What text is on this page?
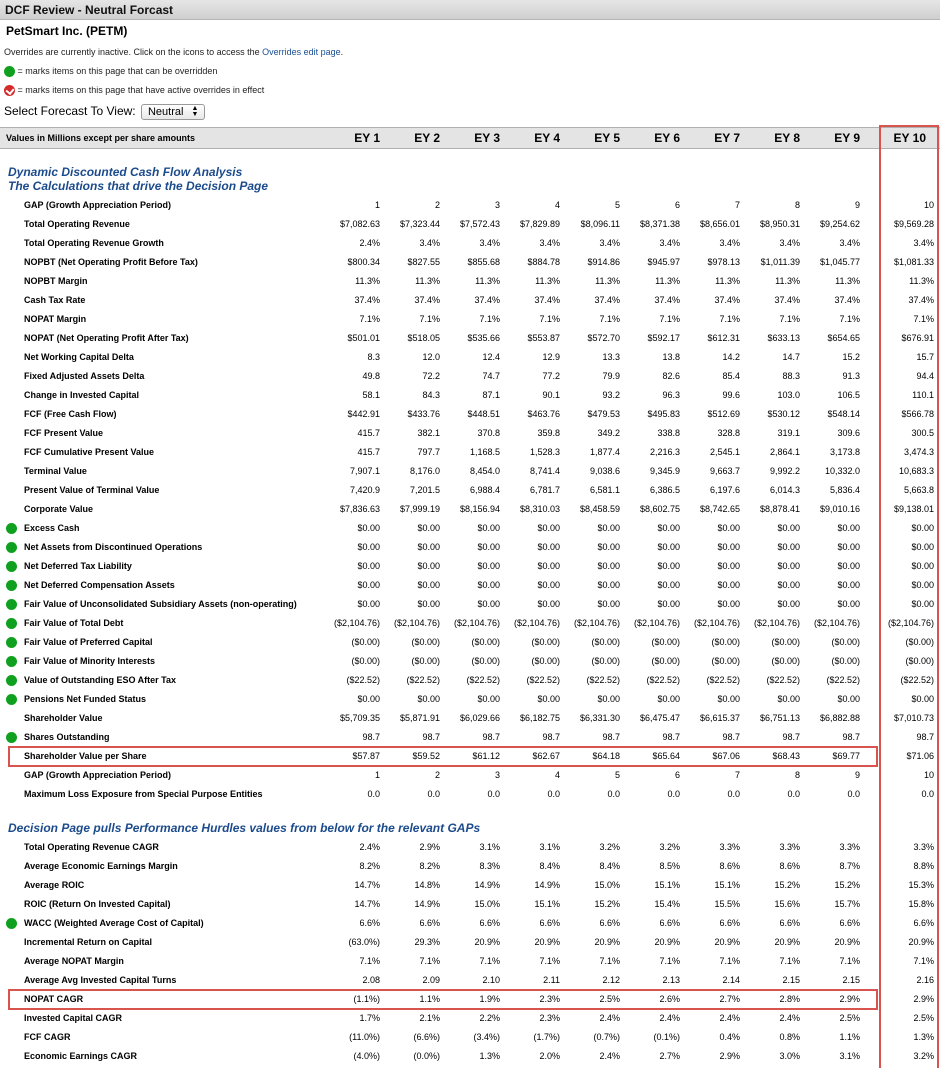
DCF Review - Neutral Forcast
PetSmart Inc. (PETM)
Overrides are currently inactive. Click on the icons to access the Overrides edit page.
= marks items on this page that can be overridden
= marks items on this page that have active overrides in effect
Select Forecast To View: Neutral ▲
▼
Values in Millions except per share amounts	EY 1	EY 2	EY 3	EY 4	EY 5	EY 6	EY 7	EY 8	EY 9	EY 10
Dynamic Discounted Cash Flow Analysis
The Calculations that drive the Decision Page
GAP (Growth Appreciation Period)	1	2	3	4	5	6	7	8	9	10
Total Operating Revenue	$7,082.63 $7,323.44 $7,572.43 $7,829.89 $8,096.11 $8,371.38 $8,656.01 $8,950.31 $9,254.62	$9,569.28
Total Operating Revenue Growth	2.4%	3.4%	3.4%	3.4%	3.4%	3.4%	3.4%	3.4%	3.4%	3.4%
NOPBT (Net Operating Profit Before Tax)	$800.34	$827.55	$855.68	$884.78	$914.86	$945.97	$978.13 $1,011.39 $1,045.77	$1,081.33
NOPBT Margin	11.3%	11.3%	11.3%	11.3%	11.3%	11.3%	11.3%	11.3%	11.3%	11.3%
Cash Tax Rate	37.4%	37.4%	37.4%	37.4%	37.4%	37.4%	37.4%	37.4%	37.4%	37.4%
NOPAT Margin	7.1%	7.1%	7.1%	7.1%	7.1%	7.1%	7.1%	7.1%	7.1%	7.1%
NOPAT (Net Operating Profit After Tax)	$501.01	$518.05	$535.66	$553.87	$572.70	$592.17	$612.31	$633.13	$654.65	$676.91
Net Working Capital Delta	8.3	12.0	12.4	12.9	13.3	13.8	14.2	14.7	15.2	15.7
Fixed Adjusted Assets Delta	49.8	72.2	74.7	77.2	79.9	82.6	85.4	88.3	91.3	94.4
Change in Invested Capital	58.1	84.3	87.1	90.1	93.2	96.3	99.6	103.0	106.5	110.1
FCF (Free Cash Flow)	$442.91	$433.76	$448.51	$463.76	$479.53	$495.83	$512.69	$530.12	$548.14	$566.78
FCF Present Value	415.7	382.1	370.8	359.8	349.2	338.8	328.8	319.1	309.6	300.5
FCF Cumulative Present Value	415.7	797.7	1,168.5	1,528.3	1,877.4	2,216.3	2,545.1	2,864.1	3,173.8	3,474.3
Terminal Value	7,907.1	8,176.0	8,454.0	8,741.4	9,038.6	9,345.9	9,663.7	9,992.2	10,332.0	10,683.3
Present Value of Terminal Value	7,420.9	7,201.5	6,988.4	6,781.7	6,581.1	6,386.5	6,197.6	6,014.3	5,836.4	5,663.8
Corporate Value	$7,836.63 $7,999.19 $8,156.94 $8,310.03 $8,458.59 $8,602.75 $8,742.65 $8,878.41 $9,010.16	$9,138.01
Excess Cash	$0.00	$0.00	$0.00	$0.00	$0.00	$0.00	$0.00	$0.00	$0.00	$0.00
Net Assets from Discontinued Operations	$0.00	$0.00	$0.00	$0.00	$0.00	$0.00	$0.00	$0.00	$0.00	$0.00
Net Deferred Tax Liability	$0.00	$0.00	$0.00	$0.00	$0.00	$0.00	$0.00	$0.00	$0.00	$0.00
Net Deferred Compensation Assets	$0.00	$0.00	$0.00	$0.00	$0.00	$0.00	$0.00	$0.00	$0.00	$0.00
Fair Value of Unconsolidated Subsidiary Assets (non-operating)	$0.00	$0.00	$0.00	$0.00	$0.00	$0.00	$0.00	$0.00	$0.00	$0.00
Fair Value of Total Debt	($2,104.76) ($2,104.76) ($2,104.76) ($2,104.76) ($2,104.76) ($2,104.76) ($2,104.76) ($2,104.76) ($2,104.76)	($2,104.76)
Fair Value of Preferred Capital	($0.00)	($0.00)	($0.00)	($0.00)	($0.00)	($0.00)	($0.00)	($0.00)	($0.00)	($0.00)
Fair Value of Minority Interests	($0.00)	($0.00)	($0.00)	($0.00)	($0.00)	($0.00)	($0.00)	($0.00)	($0.00)	($0.00)
Value of Outstanding ESO After Tax	($22.52)	($22.52)	($22.52)	($22.52)	($22.52)	($22.52)	($22.52)	($22.52)	($22.52)	($22.52)
Pensions Net Funded Status	$0.00	$0.00	$0.00	$0.00	$0.00	$0.00	$0.00	$0.00	$0.00	$0.00
Shareholder Value	$5,709.35 $5,871.91 $6,029.66 $6,182.75 $6,331.30 $6,475.47 $6,615.37 $6,751.13 $6,882.88	$7,010.73
Shares Outstanding	98.7	98.7	98.7	98.7	98.7	98.7	98.7	98.7	98.7	98.7
Shareholder Value per Share	$57.87	$59.52	$61.12	$62.67	$64.18	$65.64	$67.06	$68.43	$69.77	$71.06
GAP (Growth Appreciation Period)	1	2	3	4	5	6	7	8	9	10
Maximum Loss Exposure from Special Purpose Entities	0.0	0.0	0.0	0.0	0.0	0.0	0.0	0.0	0.0	0.0
Decision Page pulls Performance Hurdles values from below for the relevant GAPs
Total Operating Revenue CAGR	2.4%	2.9%	3.1%	3.1%	3.2%	3.2%	3.3%	3.3%	3.3%	3.3%
Average Economic Earnings Margin	8.2%	8.2%	8.3%	8.4%	8.4%	8.5%	8.6%	8.6%	8.7%	8.8%
Average ROIC	14.7%	14.8%	14.9%	14.9%	15.0%	15.1%	15.1%	15.2%	15.2%	15.3%
ROIC (Return On Invested Capital)	14.7%	14.9%	15.0%	15.1%	15.2%	15.4%	15.5%	15.6%	15.7%	15.8%
WACC (Weighted Average Cost of Capital)	6.6%	6.6%	6.6%	6.6%	6.6%	6.6%	6.6%	6.6%	6.6%	6.6%
Incremental Return on Capital	(63.0%)	29.3%	20.9%	20.9%	20.9%	20.9%	20.9%	20.9%	20.9%	20.9%
Average NOPAT Margin	7.1%	7.1%	7.1%	7.1%	7.1%	7.1%	7.1%	7.1%	7.1%	7.1%
Average Avg Invested Capital Turns	2.08	2.09	2.10	2.11	2.12	2.13	2.14	2.15	2.15	2.16
NOPAT CAGR	(1.1%)	1.1%	1.9%	2.3%	2.5%	2.6%	2.7%	2.8%	2.9%	2.9%
Invested Capital CAGR	1.7%	2.1%	2.2%	2.3%	2.4%	2.4%	2.4%	2.4%	2.5%	2.5%
FCF CAGR	(11.0%)	(6.6%)	(3.4%)	(1.7%)	(0.7%)	(0.1%)	0.4%	0.8%	1.1%	1.3%
Economic Earnings CAGR	(4.0%)	(0.0%)	1.3%	2.0%	2.4%	2.7%	2.9%	3.0%	3.1%	3.2%
